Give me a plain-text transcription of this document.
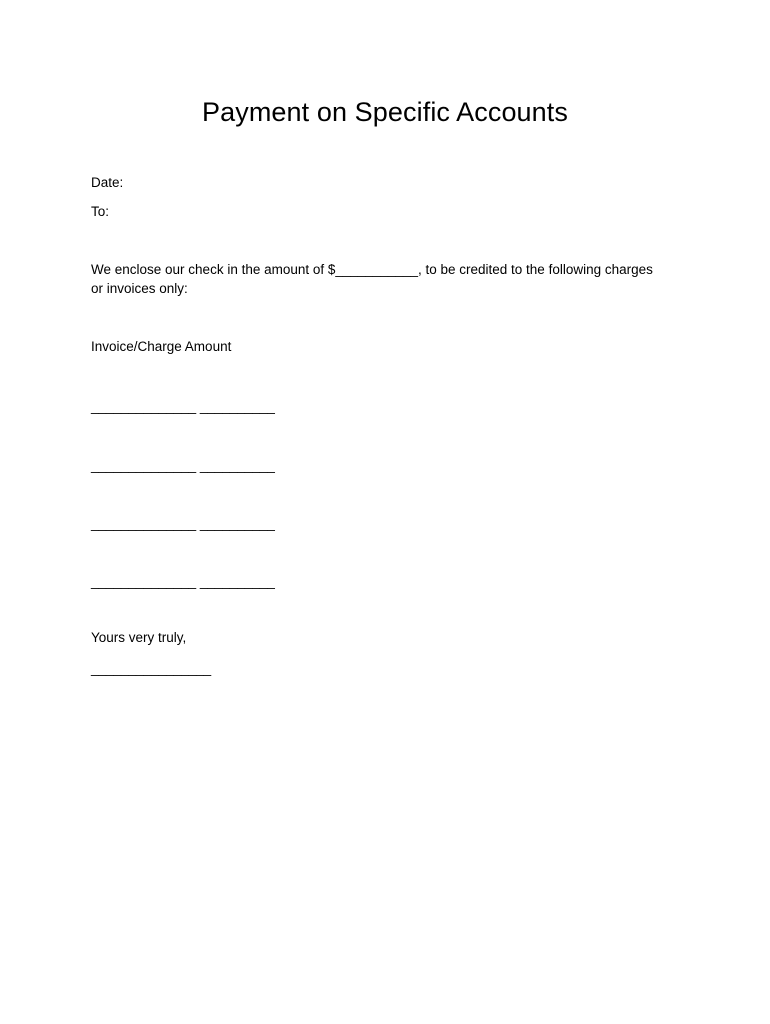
Payment on Specific Accounts
Date:
To:
We enclose our check in the amount of $___________, to be credited to the following charges or invoices only:
Invoice/Charge Amount
______________ __________
______________ __________
______________ __________
______________ __________
Yours very truly,
________________
